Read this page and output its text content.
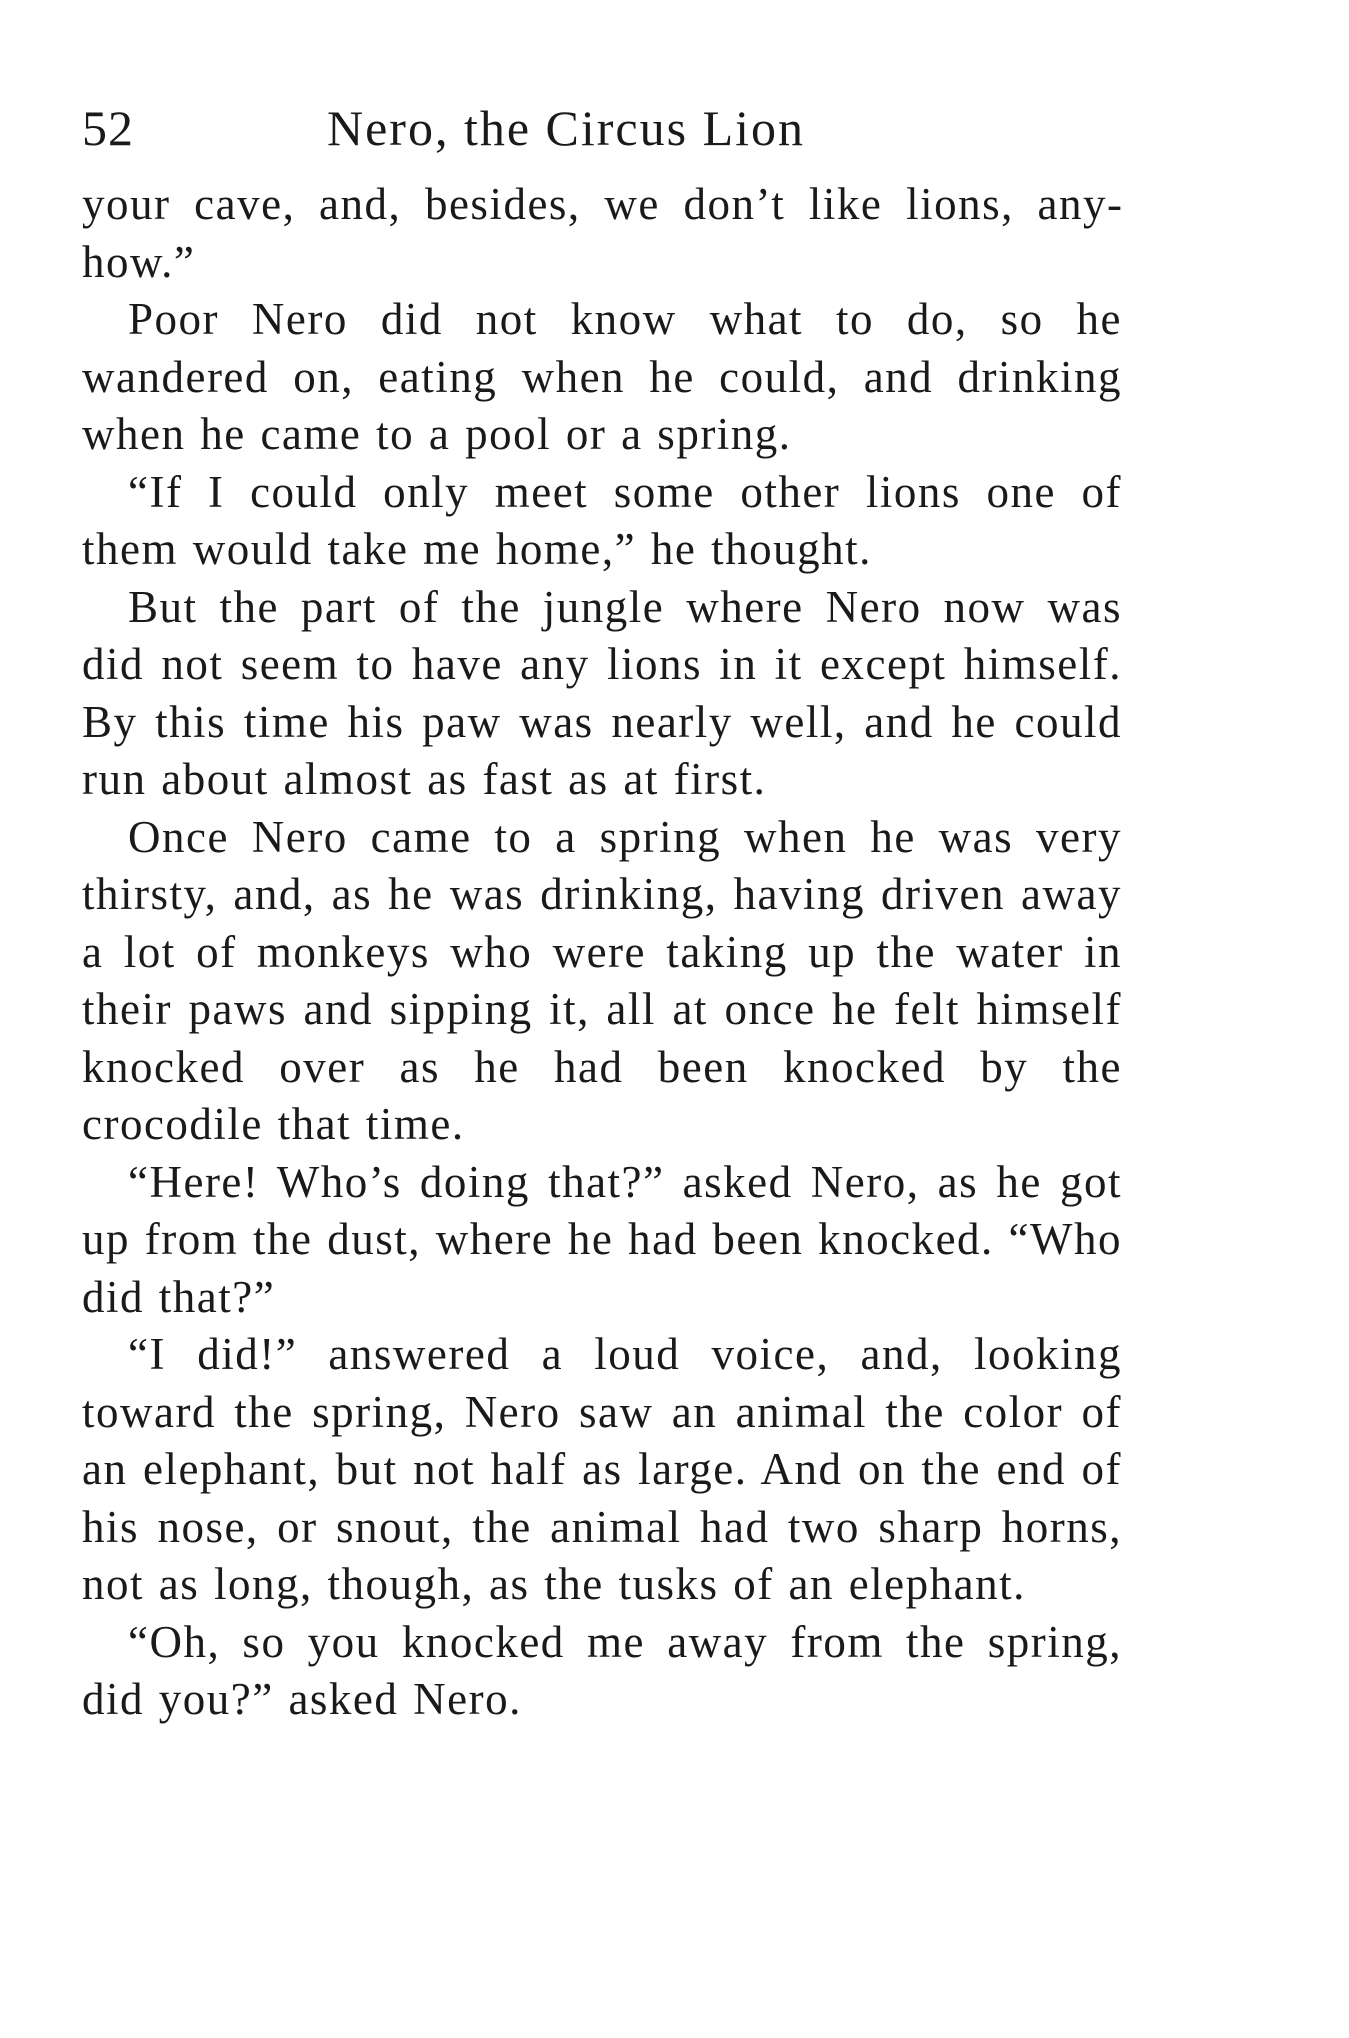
52	Nero, the Circus Lion

your cave, and, besides, we don’t like lions, anyhow.”

Poor Nero did not know what to do, so he wandered on, eating when he could, and drinking when he came to a pool or a spring.

“If I could only meet some other lions one of them would take me home,” he thought.

But the part of the jungle where Nero now was did not seem to have any lions in it except himself. By this time his paw was nearly well, and he could run about almost as fast as at first.

Once Nero came to a spring when he was very thirsty, and, as he was drinking, having driven away a lot of monkeys who were taking up the water in their paws and sipping it, all at once he felt himself knocked over as he had been knocked by the crocodile that time.

“Here! Who’s doing that?” asked Nero, as he got up from the dust, where he had been knocked. “Who did that?”

“I did!” answered a loud voice, and, looking toward the spring, Nero saw an animal the color of an elephant, but not half as large. And on the end of his nose, or snout, the animal had two sharp horns, not as long, though, as the tusks of an elephant.

“Oh, so you knocked me away from the spring, did you?” asked Nero.
